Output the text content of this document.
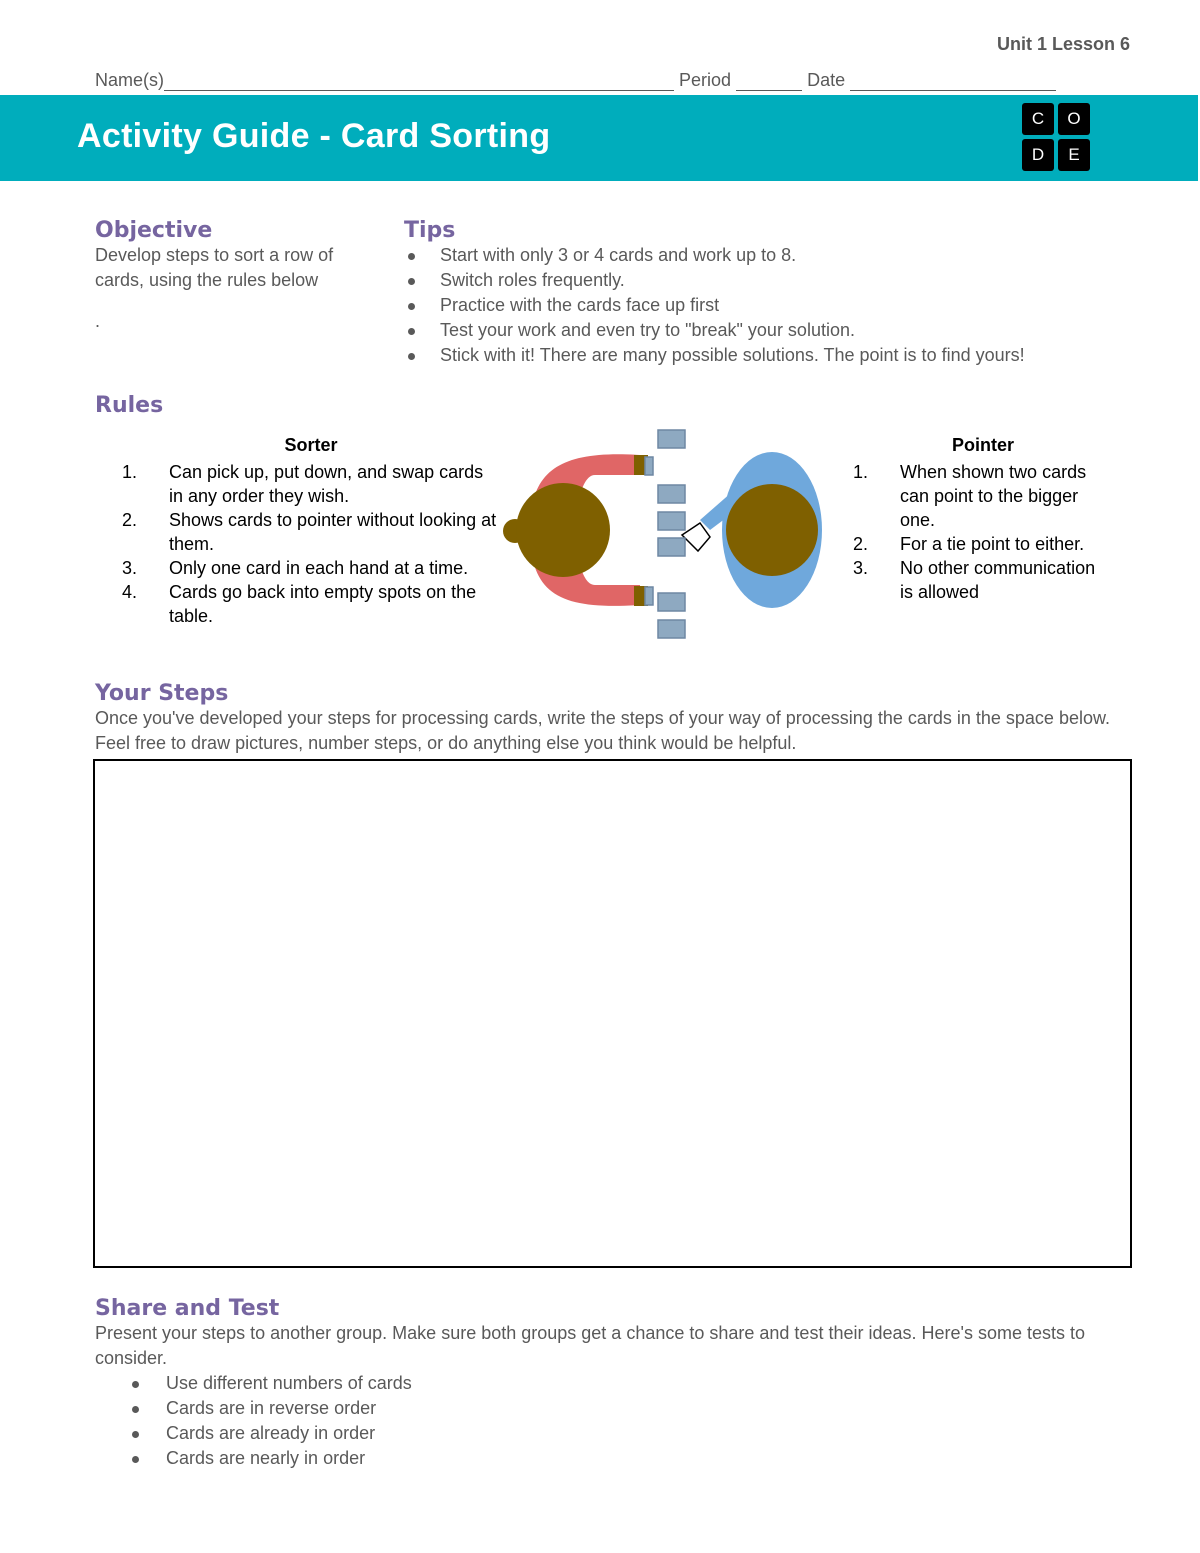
Unit 1 Lesson 6
Name(s)	Period	Date
Activity Guide - Card Sorting	C	O
D	E
Objective
Develop steps to sort a row of cards, using the rules below
.
Tips
Start with only 3 or 4 cards and work up to 8.
Switch roles frequently.
Practice with the cards face up first
Test your work and even try to "break" your solution.
Stick with it! There are many possible solutions. The point is to find yours!
Rules
Sorter
1. Can pick up, put down, and swap cards in any order they wish.
2. Shows cards to pointer without looking at them.
3. Only one card in each hand at a time.
4. Cards go back into empty spots on the table.
Pointer
1. When shown two cards can point to the bigger one.
2. For a tie point to either.
3. No other communication is allowed
Your Steps
Once you've developed your steps for processing cards, write the steps of your way of processing the cards in the space below. Feel free to draw pictures, number steps, or do anything else you think would be helpful.
Share and Test
Present your steps to another group. Make sure both groups get a chance to share and test their ideas. Here's some tests to consider.
Use different numbers of cards
Cards are in reverse order
Cards are already in order
Cards are nearly in order
